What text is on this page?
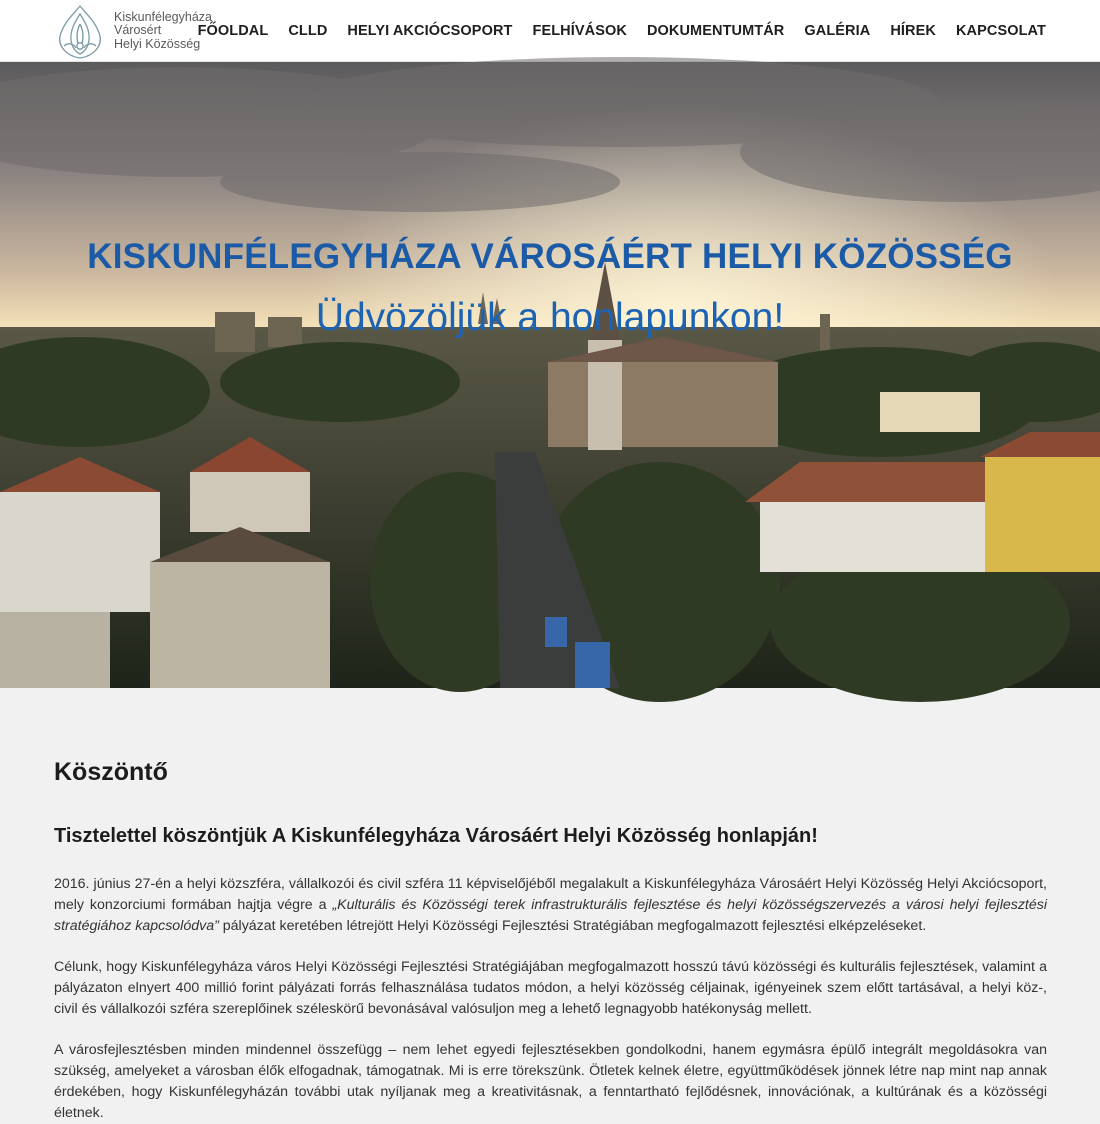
Kiskunfélegyháza
Városért
Helyi Közösség
FŐOLDAL CLLD HELYI AKCIÓCSOPORT FELHÍVÁSOK DOKUMENTUMTÁR GALÉRIA HÍREK KAPCSOLAT
KISKUNFÉLEGYHÁZA VÁROSÁÉRT HELYI KÖZÖSSÉG
Üdvözöljük a honlapunkon!
Köszöntő
Tisztelettel köszöntjük A Kiskunfélegyháza Városáért Helyi Közösség honlapján!

2016. június 27-én a helyi közszféra, vállalkozói és civil szféra 11 képviselőjéből megalakult a Kiskunfélegyháza Városáért Helyi Közösség Helyi Akciócsoport, mely konzorciumi formában hajtja végre a „Kulturális és Közösségi terek infrastrukturális fejlesztése és helyi közösségszervezés a városi helyi fejlesztési stratégiához kapcsolódva” pályázat keretében létrejött Helyi Közösségi Fejlesztési Stratégiában megfogalmazott fejlesztési elképzeléseket.

Célunk, hogy Kiskunfélegyháza város Helyi Közösségi Fejlesztési Stratégiájában megfogalmazott hosszú távú közösségi és kulturális fejlesztések, valamint a pályázaton elnyert 400 millió forint pályázati forrás felhasználása tudatos módon, a helyi közösség céljainak, igényeinek szem előtt tartásával, a helyi köz-, civil és vállalkozói szféra szereplőinek széleskörű bevonásával valósuljon meg a lehető legnagyobb hatékonyság mellett.

A városfejlesztésben minden mindennel összefügg – nem lehet egyedi fejlesztésekben gondolkodni, hanem egymásra épülő integrált megoldásokra van szükség, amelyeket a városban élők elfogadnak, támogatnak. Mi is erre törekszünk. Ötletek kelnek életre, együttműködések jönnek létre nap mint nap annak érdekében, hogy Kiskunfélegyházán további utak nyíljanak meg a kreativitásnak, a fenntartható fejlődésnek, innovációnak, a kultúrának és a közösségi életnek.
